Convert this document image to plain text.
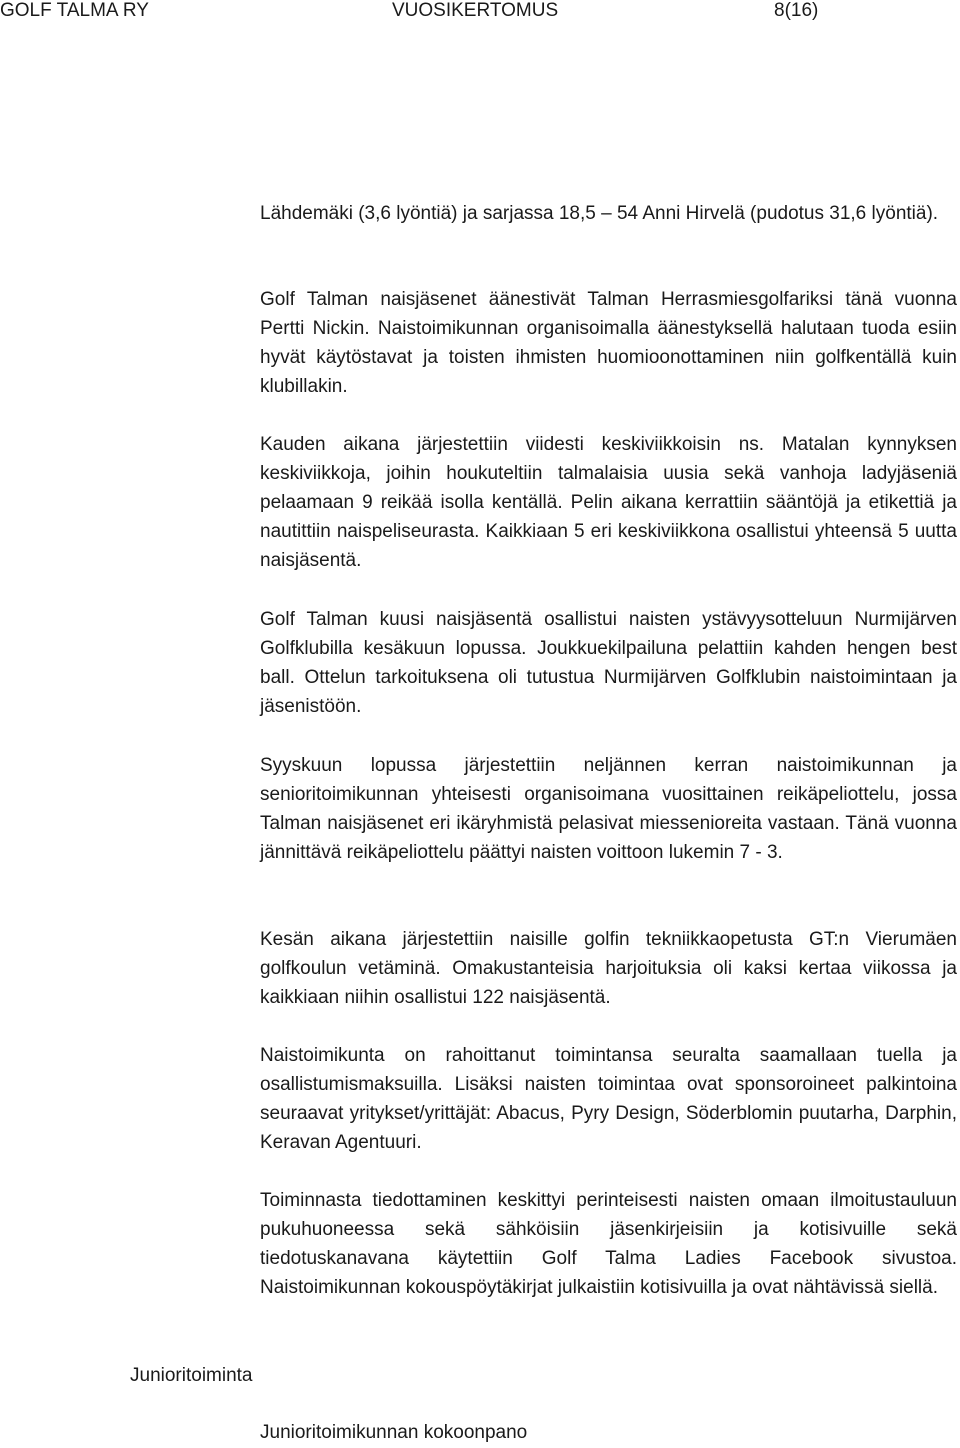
GOLF TALMA RY	VUOSIKERTOMUS	8(16)

Lähdemäki (3,6 lyöntiä) ja sarjassa 18,5 – 54 Anni Hirvelä (pudotus 31,6 lyöntiä).

Golf Talman naisjäsenet äänestivät Talman Herrasmiesgolfariksi tänä vuonna Pertti Nickin. Naistoimikunnan organisoimalla äänestyksellä halutaan tuoda esiin hyvät käytöstavat ja toisten ihmisten huomioonottaminen niin golfkentällä kuin klubillakin.

Kauden aikana järjestettiin viidesti keskiviikkoisin ns. Matalan kynnyksen keskiviikkoja, joihin houkuteltiin talmalaisia uusia sekä vanhoja ladyjäseniä pelaamaan 9 reikää isolla kentällä. Pelin aikana kerrattiin sääntöjä ja etikettiä ja nautittiin naispeliseurasta. Kaikkiaan 5 eri keskiviikkona osallistui yhteensä 5 uutta naisjäsentä.

Golf Talman kuusi naisjäsentä osallistui naisten ystävyysotteluun Nurmijärven Golfklubilla kesäkuun lopussa. Joukkuekilpailuna pelattiin kahden hengen best ball. Ottelun tarkoituksena oli tutustua Nurmijärven Golfklubin naistoimintaan ja jäsenistöön.

Syyskuun lopussa järjestettiin neljännen kerran naistoimikunnan ja senioritoimikunnan yhteisesti organisoimana vuosittainen reikäpeliottelu, jossa Talman naisjäsenet eri ikäryhmistä pelasivat miessenioreita vastaan. Tänä vuonna jännittävä reikäpeliottelu päättyi naisten voittoon lukemin 7 - 3.

Kesän aikana järjestettiin naisille golfin tekniikkaopetusta GT:n Vierumäen golfkoulun vetäminä. Omakustanteisia harjoituksia oli kaksi kertaa viikossa ja kaikkiaan niihin osallistui 122 naisjäsentä.

Naistoimikunta on rahoittanut toimintansa seuralta saamallaan tuella ja osallistumismaksuilla. Lisäksi naisten toimintaa ovat sponsoroineet palkintoina seuraavat yritykset/yrittäjät: Abacus, Pyry Design, Söderblomin puutarha, Darphin, Keravan Agentuuri.

Toiminnasta tiedottaminen keskittyi perinteisesti naisten omaan ilmoitustauluun pukuhuoneessa sekä sähköisiin jäsenkirjeisiin ja kotisivuille sekä tiedotuskanavana käytettiin Golf Talma Ladies Facebook sivustoa. Naistoimikunnan kokouspöytäkirjat julkaistiin kotisivuilla ja ovat nähtävissä siellä.

Junioritoiminta
Junioritoimikunnan kokoonpano
